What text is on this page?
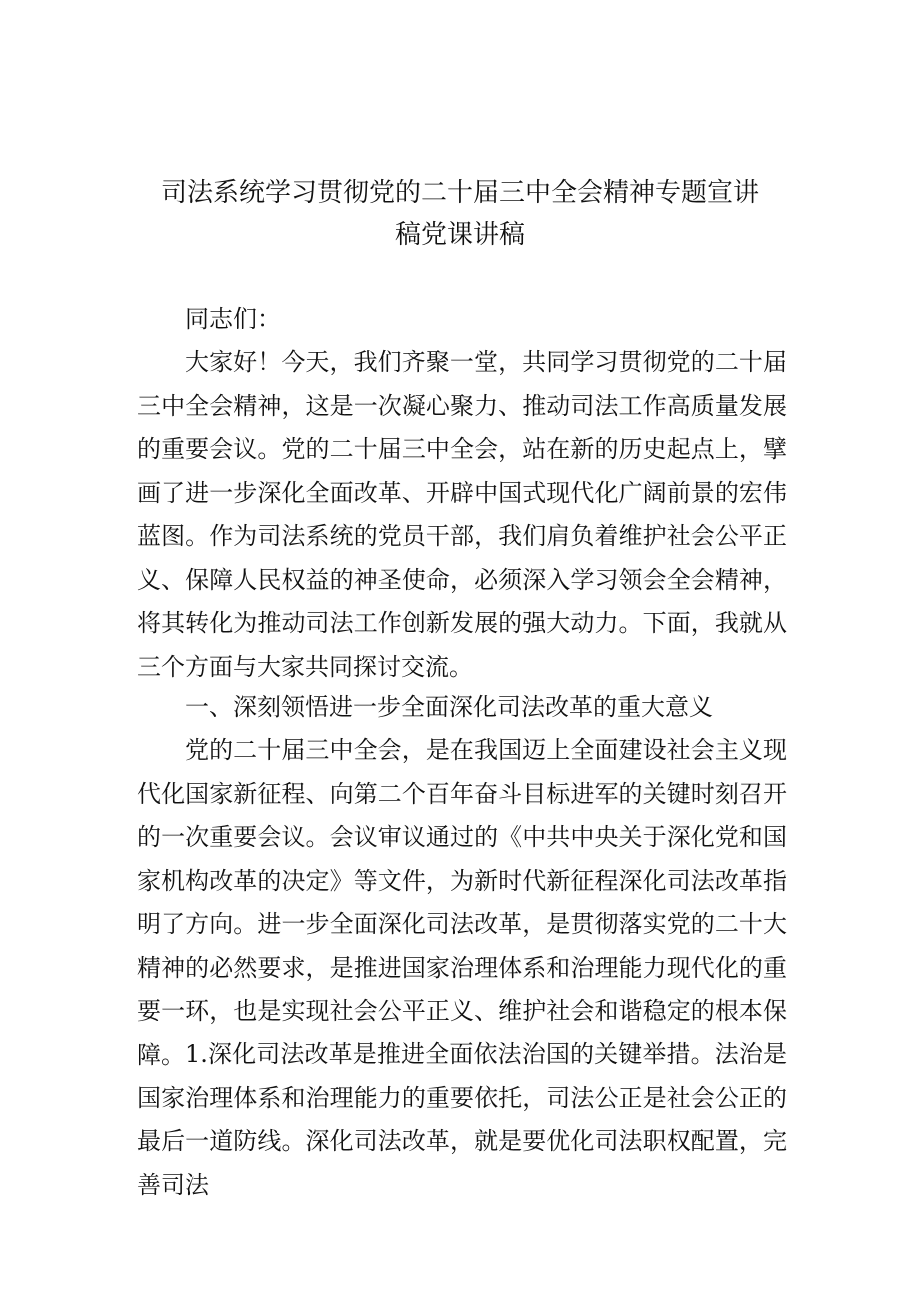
司法系统学习贯彻党的二十届三中全会精神专题宣讲
稿党课讲稿
同志们：
大家好！今天，我们齐聚一堂，共同学习贯彻党的二十届三中全会精神，这是一次凝心聚力、推动司法工作高质量发展的重要会议。党的二十届三中全会，站在新的历史起点上，擘画了进一步深化全面改革、开辟中国式现代化广阔前景的宏伟蓝图。作为司法系统的党员干部，我们肩负着维护社会公平正义、保障人民权益的神圣使命，必须深入学习领会全会精神，将其转化为推动司法工作创新发展的强大动力。下面，我就从三个方面与大家共同探讨交流。
一、深刻领悟进一步全面深化司法改革的重大意义
党的二十届三中全会，是在我国迈上全面建设社会主义现代化国家新征程、向第二个百年奋斗目标进军的关键时刻召开的一次重要会议。会议审议通过的《中共中央关于深化党和国家机构改革的决定》等文件，为新时代新征程深化司法改革指明了方向。进一步全面深化司法改革，是贯彻落实党的二十大精神的必然要求，是推进国家治理体系和治理能力现代化的重要一环，也是实现社会公平正义、维护社会和谐稳定的根本保障。 1.深化司法改革是推进全面依法治国的关键举措。法治是国家治理体系和治理能力的重要依托，司法公正是社会公正的最后一道防线。深化司法改革，就是要优化司法职权配置，完善司法
